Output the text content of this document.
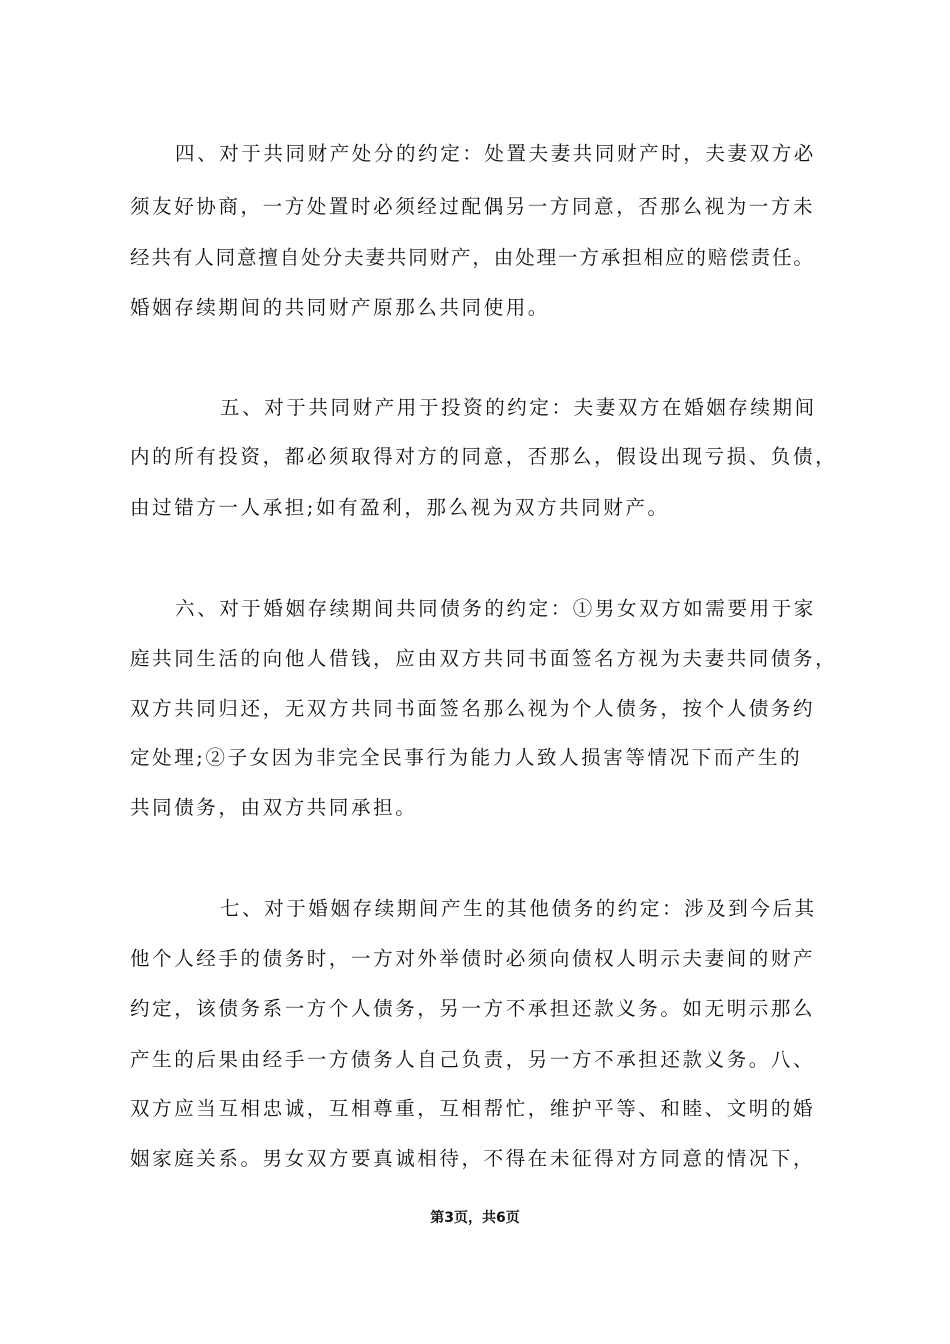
四、对于共同财产处分的约定：处置夫妻共同财产时，夫妻双方必
须友好协商，一方处置时必须经过配偶另一方同意，否那么视为一方未
经共有人同意擅自处分夫妻共同财产，由处理一方承担相应的赔偿责任。
婚姻存续期间的共同财产原那么共同使用。
五、对于共同财产用于投资的约定：夫妻双方在婚姻存续期间
内的所有投资，都必须取得对方的同意，否那么，假设出现亏损、负债，
由过错方一人承担;如有盈利，那么视为双方共同财产。
六、对于婚姻存续期间共同债务的约定：①男女双方如需要用于家
庭共同生活的向他人借钱，应由双方共同书面签名方视为夫妻共同债务，
双方共同归还，无双方共同书面签名那么视为个人债务，按个人债务约
定处理;②子女因为非完全民事行为能力人致人损害等情况下而产生的
共同债务，由双方共同承担。
七、对于婚姻存续期间产生的其他债务的约定：涉及到今后其
他个人经手的债务时，一方对外举债时必须向债权人明示夫妻间的财产
约定，该债务系一方个人债务，另一方不承担还款义务。如无明示那么
产生的后果由经手一方债务人自己负责，另一方不承担还款义务。八、
双方应当互相忠诚，互相尊重，互相帮忙，维护平等、和睦、文明的婚
姻家庭关系。男女双方要真诚相待，不得在未征得对方同意的情况下，
第3页，共6页
